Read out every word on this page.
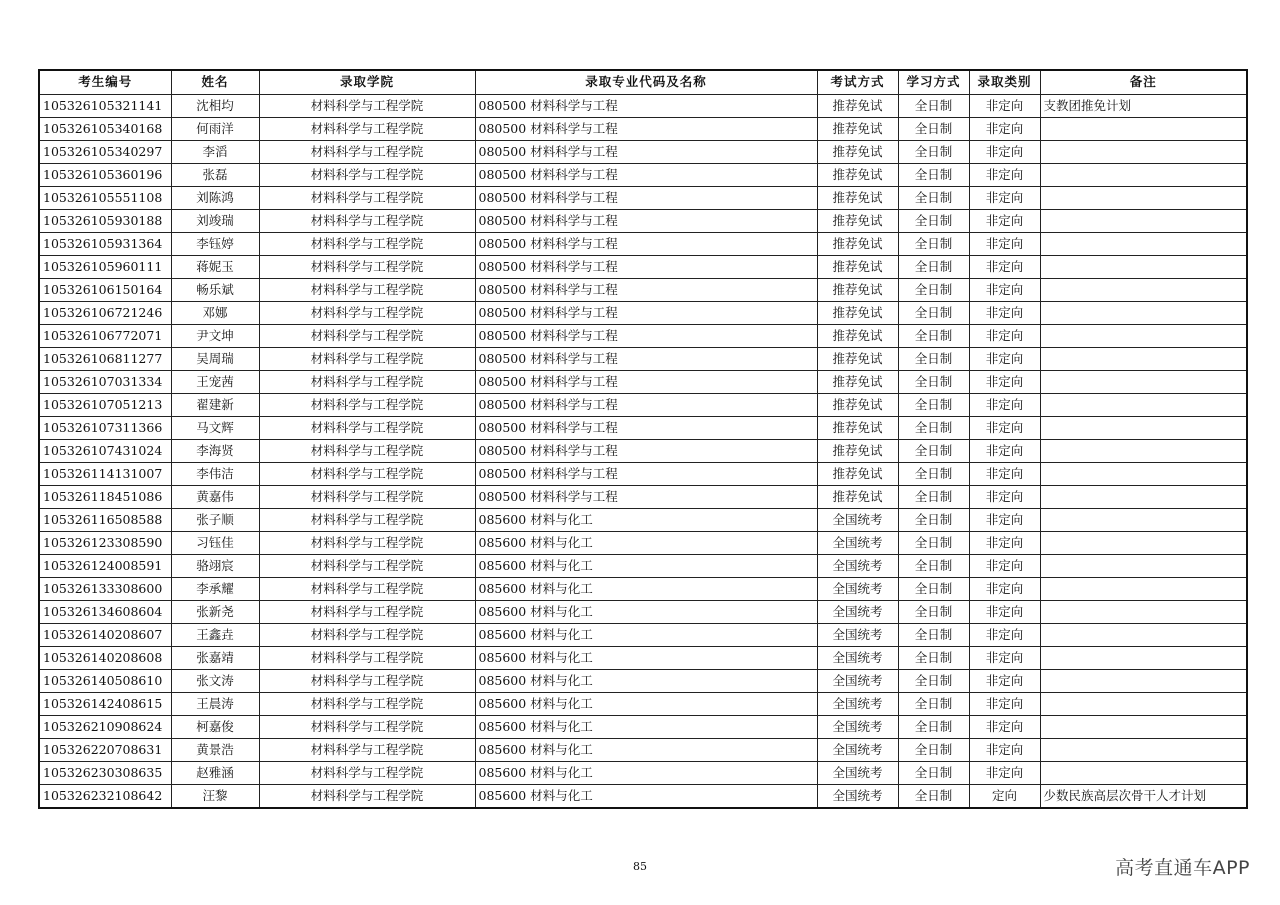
考生编号	姓名	录取学院	录取专业代码及名称	考试方式	学习方式	录取类别	备注
105326105321141	沈相均	材料科学与工程学院	080500 材料科学与工程	推荐免试	全日制	非定向	支教团推免计划
105326105340168	何雨洋	材料科学与工程学院	080500 材料科学与工程	推荐免试	全日制	非定向	
105326105340297	李滔	材料科学与工程学院	080500 材料科学与工程	推荐免试	全日制	非定向	
105326105360196	张磊	材料科学与工程学院	080500 材料科学与工程	推荐免试	全日制	非定向	
105326105551108	刘陈鸿	材料科学与工程学院	080500 材料科学与工程	推荐免试	全日制	非定向	
105326105930188	刘竣瑞	材料科学与工程学院	080500 材料科学与工程	推荐免试	全日制	非定向	
105326105931364	李钰婷	材料科学与工程学院	080500 材料科学与工程	推荐免试	全日制	非定向	
105326105960111	蒋妮玉	材料科学与工程学院	080500 材料科学与工程	推荐免试	全日制	非定向	
105326106150164	畅乐斌	材料科学与工程学院	080500 材料科学与工程	推荐免试	全日制	非定向	
105326106721246	邓娜	材料科学与工程学院	080500 材料科学与工程	推荐免试	全日制	非定向	
105326106772071	尹文坤	材料科学与工程学院	080500 材料科学与工程	推荐免试	全日制	非定向	
105326106811277	吴周瑞	材料科学与工程学院	080500 材料科学与工程	推荐免试	全日制	非定向	
105326107031334	王宠茜	材料科学与工程学院	080500 材料科学与工程	推荐免试	全日制	非定向	
105326107051213	翟建新	材料科学与工程学院	080500 材料科学与工程	推荐免试	全日制	非定向	
105326107311366	马文辉	材料科学与工程学院	080500 材料科学与工程	推荐免试	全日制	非定向	
105326107431024	李海贤	材料科学与工程学院	080500 材料科学与工程	推荐免试	全日制	非定向	
105326114131007	李伟洁	材料科学与工程学院	080500 材料科学与工程	推荐免试	全日制	非定向	
105326118451086	黄嘉伟	材料科学与工程学院	080500 材料科学与工程	推荐免试	全日制	非定向	
105326116508588	张子顺	材料科学与工程学院	085600 材料与化工	全国统考	全日制	非定向	
105326123308590	习钰佳	材料科学与工程学院	085600 材料与化工	全国统考	全日制	非定向	
105326124008591	骆翊宸	材料科学与工程学院	085600 材料与化工	全国统考	全日制	非定向	
105326133308600	李承耀	材料科学与工程学院	085600 材料与化工	全国统考	全日制	非定向	
105326134608604	张新尧	材料科学与工程学院	085600 材料与化工	全国统考	全日制	非定向	
105326140208607	王鑫垚	材料科学与工程学院	085600 材料与化工	全国统考	全日制	非定向	
105326140208608	张嘉靖	材料科学与工程学院	085600 材料与化工	全国统考	全日制	非定向	
105326140508610	张文涛	材料科学与工程学院	085600 材料与化工	全国统考	全日制	非定向	
105326142408615	王晨涛	材料科学与工程学院	085600 材料与化工	全国统考	全日制	非定向	
105326210908624	柯嘉俊	材料科学与工程学院	085600 材料与化工	全国统考	全日制	非定向	
105326220708631	黄景浩	材料科学与工程学院	085600 材料与化工	全国统考	全日制	非定向	
105326230308635	赵雅涵	材料科学与工程学院	085600 材料与化工	全国统考	全日制	非定向	
105326232108642	汪黎	材料科学与工程学院	085600 材料与化工	全国统考	全日制	定向	少数民族高层次骨干人才计划
85	高考直通车APP
